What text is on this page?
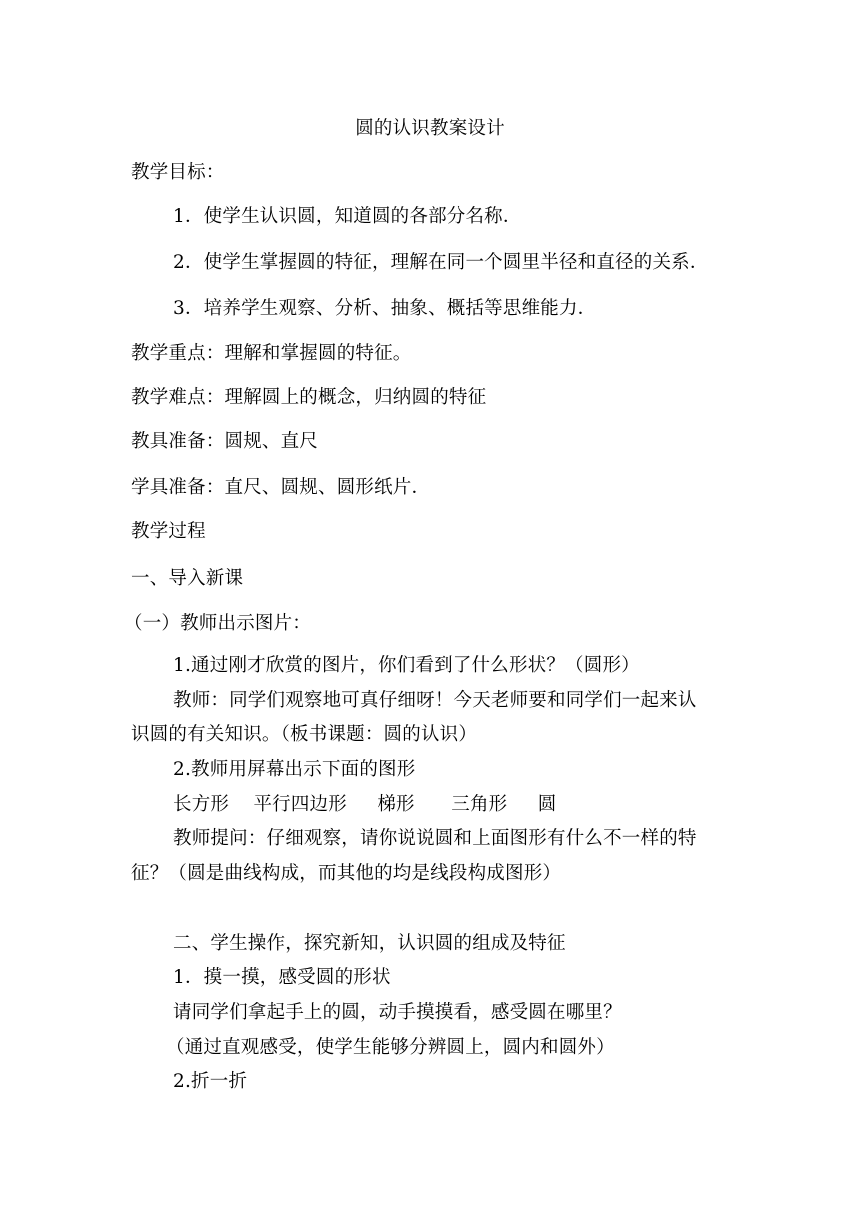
圆的认识教案设计
教学目标：
1．使学生认识圆，知道圆的各部分名称．
2．使学生掌握圆的特征，理解在同一个圆里半径和直径的关系．
3．培养学生观察、分析、抽象、概括等思维能力．
教学重点：理解和掌握圆的特征。
教学难点：理解圆上的概念，归纳圆的特征
教具准备：圆规、直尺
学具准备：直尺、圆规、圆形纸片．
教学过程
一、导入新课
（一）教师出示图片：
1.通过刚才欣赏的图片，你们看到了什么形状？（圆形）
教师：同学们观察地可真仔细呀！今天老师要和同学们一起来认
识圆的有关知识。（板书课题：圆的认识）
2.教师用屏幕出示下面的图形
长方形 平行四边形 梯形 三角形 圆
教师提问：仔细观察，请你说说圆和上面图形有什么不一样的特
征？（圆是曲线构成，而其他的均是线段构成图形）
二、学生操作，探究新知，认识圆的组成及特征
1．摸一摸，感受圆的形状
请同学们拿起手上的圆，动手摸摸看，感受圆在哪里？
（通过直观感受，使学生能够分辨圆上，圆内和圆外）
2.折一折
